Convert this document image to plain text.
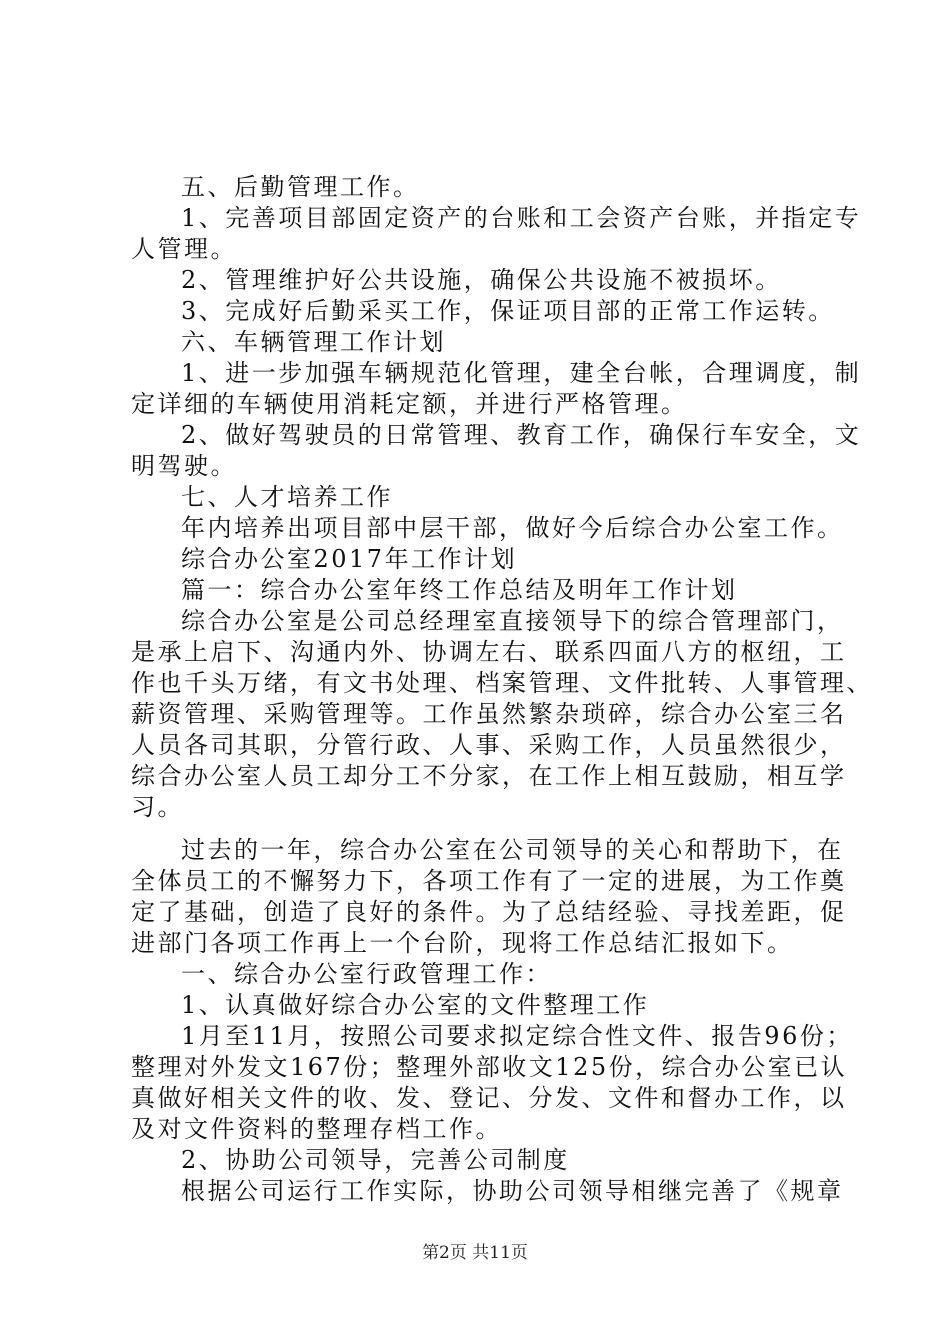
五、后勤管理工作。
1、完善项目部固定资产的台账和工会资产台账，并指定专
人管理。
2、管理维护好公共设施，确保公共设施不被损坏。
3、完成好后勤采买工作，保证项目部的正常工作运转。
六、车辆管理工作计划
1、进一步加强车辆规范化管理，建全台帐，合理调度，制
定详细的车辆使用消耗定额，并进行严格管理。
2、做好驾驶员的日常管理、教育工作，确保行车安全，文
明驾驶。
七、人才培养工作
年内培养出项目部中层干部，做好今后综合办公室工作。
综合办公室2017年工作计划
篇一：综合办公室年终工作总结及明年工作计划
综合办公室是公司总经理室直接领导下的综合管理部门，
是承上启下、沟通内外、协调左右、联系四面八方的枢纽，工
作也千头万绪，有文书处理、档案管理、文件批转、人事管理、
薪资管理、采购管理等。工作虽然繁杂琐碎，综合办公室三名
人员各司其职，分管行政、人事、采购工作，人员虽然很少，
综合办公室人员工却分工不分家，在工作上相互鼓励，相互学
习。
过去的一年，综合办公室在公司领导的关心和帮助下，在
全体员工的不懈努力下，各项工作有了一定的进展，为工作奠
定了基础，创造了良好的条件。为了总结经验、寻找差距，促
进部门各项工作再上一个台阶，现将工作总结汇报如下。
一、综合办公室行政管理工作：
1、认真做好综合办公室的文件整理工作
1月至11月，按照公司要求拟定综合性文件、报告96份；
整理对外发文167份；整理外部收文125份，综合办公室已认
真做好相关文件的收、发、登记、分发、文件和督办工作，以
及对文件资料的整理存档工作。
2、协助公司领导，完善公司制度
根据公司运行工作实际，协助公司领导相继完善了《规章
第2页 共11页
